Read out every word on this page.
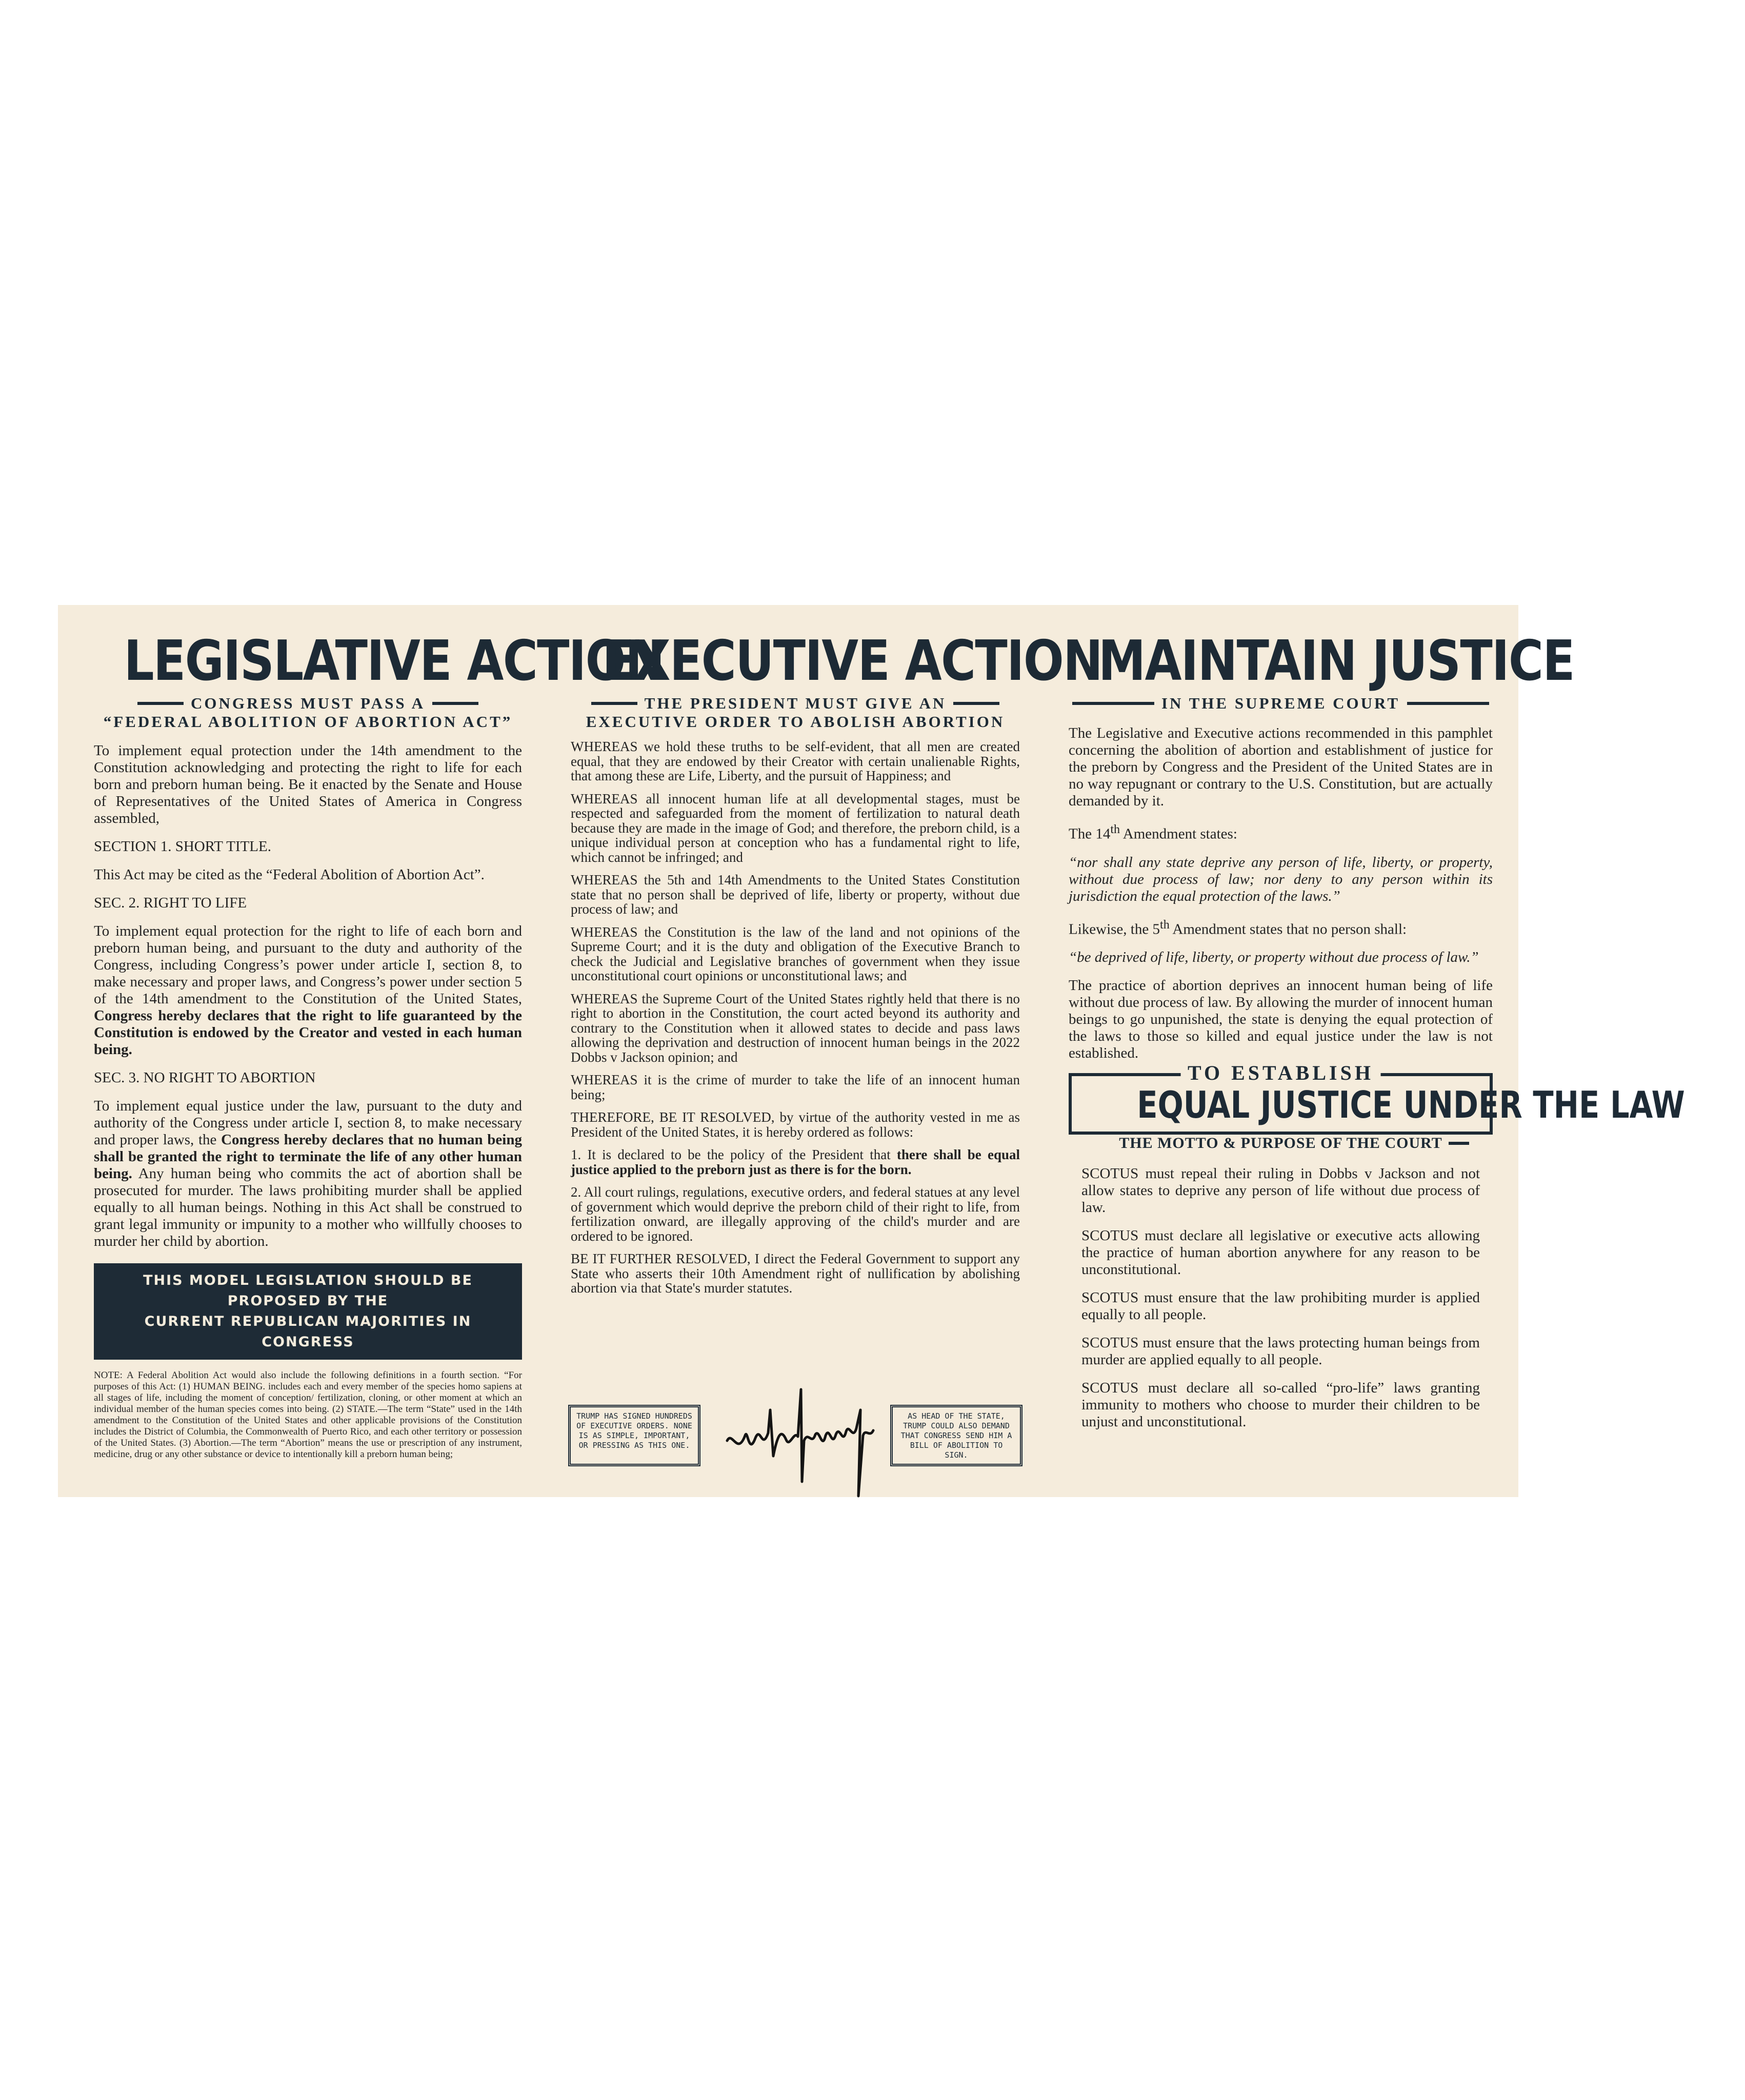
LEGISLATIVE ACTION
CONGRESS MUST PASS A
“FEDERAL ABOLITION OF ABORTION ACT”

To implement equal protection under the 14th amendment to the Constitution acknowledging and protecting the right to life for each born and preborn human being. Be it enacted by the Senate and House of Representatives of the United States of America in Congress assembled,

SECTION 1. SHORT TITLE.

This Act may be cited as the “Federal Abolition of Abortion Act”.

SEC. 2. RIGHT TO LIFE

To implement equal protection for the right to life of each born and preborn human being, and pursuant to the duty and authority of the Congress, including Congress’s power under article I, section 8, to make necessary and proper laws, and Congress’s power under section 5 of the 14th amendment to the Constitution of the United States, Congress hereby declares that the right to life guaranteed by the Constitution is endowed by the Creator and vested in each human being.

SEC. 3. NO RIGHT TO ABORTION

To implement equal justice under the law, pursuant to the duty and authority of the Congress under article I, section 8, to make necessary and proper laws, the Congress hereby declares that no human being shall be granted the right to terminate the life of any other human being. Any human being who commits the act of abortion shall be prosecuted for murder. The laws prohibiting murder shall be applied equally to all human beings. Nothing in this Act shall be construed to grant legal immunity or impunity to a mother who willfully chooses to murder her child by abortion.

THIS MODEL LEGISLATION SHOULD BE PROPOSED BY THE
CURRENT REPUBLICAN MAJORITIES IN CONGRESS
NOTE: A Federal Abolition Act would also include the following definitions in a fourth section. “For purposes of this Act: (1) HUMAN BEING. includes each and every member of the species homo sapiens at all stages of life, including the moment of conception/ fertilization, cloning, or other moment at which an individual member of the human species comes into being. (2) STATE.—The term “State” used in the 14th amendment to the Constitution of the United States and other applicable provisions of the Constitution includes the District of Columbia, the Commonwealth of Puerto Rico, and each other territory or possession of the United States. (3) Abortion.—The term “Abortion” means the use or prescription of any instrument, medicine, drug or any other substance or device to intentionally kill a preborn human being;
EXECUTIVE ACTION
THE PRESIDENT MUST GIVE AN
EXECUTIVE ORDER TO ABOLISH ABORTION

WHEREAS we hold these truths to be self-evident, that all men are created equal, that they are endowed by their Creator with certain unalienable Rights, that among these are Life, Liberty, and the pursuit of Happiness; and

WHEREAS all innocent human life at all developmental stages, must be respected and safeguarded from the moment of fertilization to natural death because they are made in the image of God; and therefore, the preborn child, is a unique individual person at conception who has a fundamental right to life, which cannot be infringed; and

WHEREAS the 5th and 14th Amendments to the United States Constitution state that no person shall be deprived of life, liberty or property, without due process of law; and

WHEREAS the Constitution is the law of the land and not opinions of the Supreme Court; and it is the duty and obligation of the Executive Branch to check the Judicial and Legislative branches of government when they issue unconstitutional court opinions or unconstitutional laws; and

WHEREAS the Supreme Court of the United States rightly held that there is no right to abortion in the Constitution, the court acted beyond its authority and contrary to the Constitution when it allowed states to decide and pass laws allowing the deprivation and destruction of innocent human beings in the 2022 Dobbs v Jackson opinion; and

WHEREAS it is the crime of murder to take the life of an innocent human being;

THEREFORE, BE IT RESOLVED, by virtue of the authority vested in me as President of the United States, it is hereby ordered as follows:

1. It is declared to be the policy of the President that there shall be equal justice applied to the preborn just as there is for the born.

2. All court rulings, regulations, executive orders, and federal statues at any level of government which would deprive the preborn child of their right to life, from fertilization onward, are illegally approving of the child's murder and are ordered to be ignored.

BE IT FURTHER RESOLVED, I direct the Federal Government to support any State who asserts their 10th Amendment right of nullification by abolishing abortion via that State's murder statutes.

TRUMP HAS SIGNED HUNDREDS OF EXECUTIVE ORDERS. NONE IS AS SIMPLE, IMPORTANT, OR PRESSING AS THIS ONE.
AS HEAD OF THE STATE, TRUMP COULD ALSO DEMAND THAT CONGRESS SEND HIM A BILL OF ABOLITION TO SIGN.
MAINTAIN JUSTICE
IN THE SUPREME COURT

The Legislative and Executive actions recommended in this pamphlet concerning the abolition of abortion and establishment of justice for the preborn by Congress and the President of the United States are in no way repugnant or contrary to the U.S. Constitution, but are actually demanded by it.

The 14th Amendment states:

“nor shall any state deprive any person of life, liberty, or property, without due process of law; nor deny to any person within its jurisdiction the equal protection of the laws.”

Likewise, the 5th Amendment states that no person shall:

“be deprived of life, liberty, or property without due process of law.”

The practice of abortion deprives an innocent human being of life without due process of law. By allowing the murder of innocent human beings to go unpunished, the state is denying the equal protection of the laws to those so killed and equal justice under the law is not established.

TO ESTABLISH
EQUAL JUSTICE UNDER THE LAW
THE MOTTO & PURPOSE OF THE COURT

SCOTUS must repeal their ruling in Dobbs v Jackson and not allow states to deprive any person of life without due process of law.

SCOTUS must declare all legislative or executive acts allowing the practice of human abortion anywhere for any reason to be unconstitutional.

SCOTUS must ensure that the law prohibiting murder is applied equally to all people.

SCOTUS must ensure that the laws protecting human beings from murder are applied equally to all people.

SCOTUS must declare all so-called “pro-life” laws granting immunity to mothers who choose to murder their children to be unjust and unconstitutional.
